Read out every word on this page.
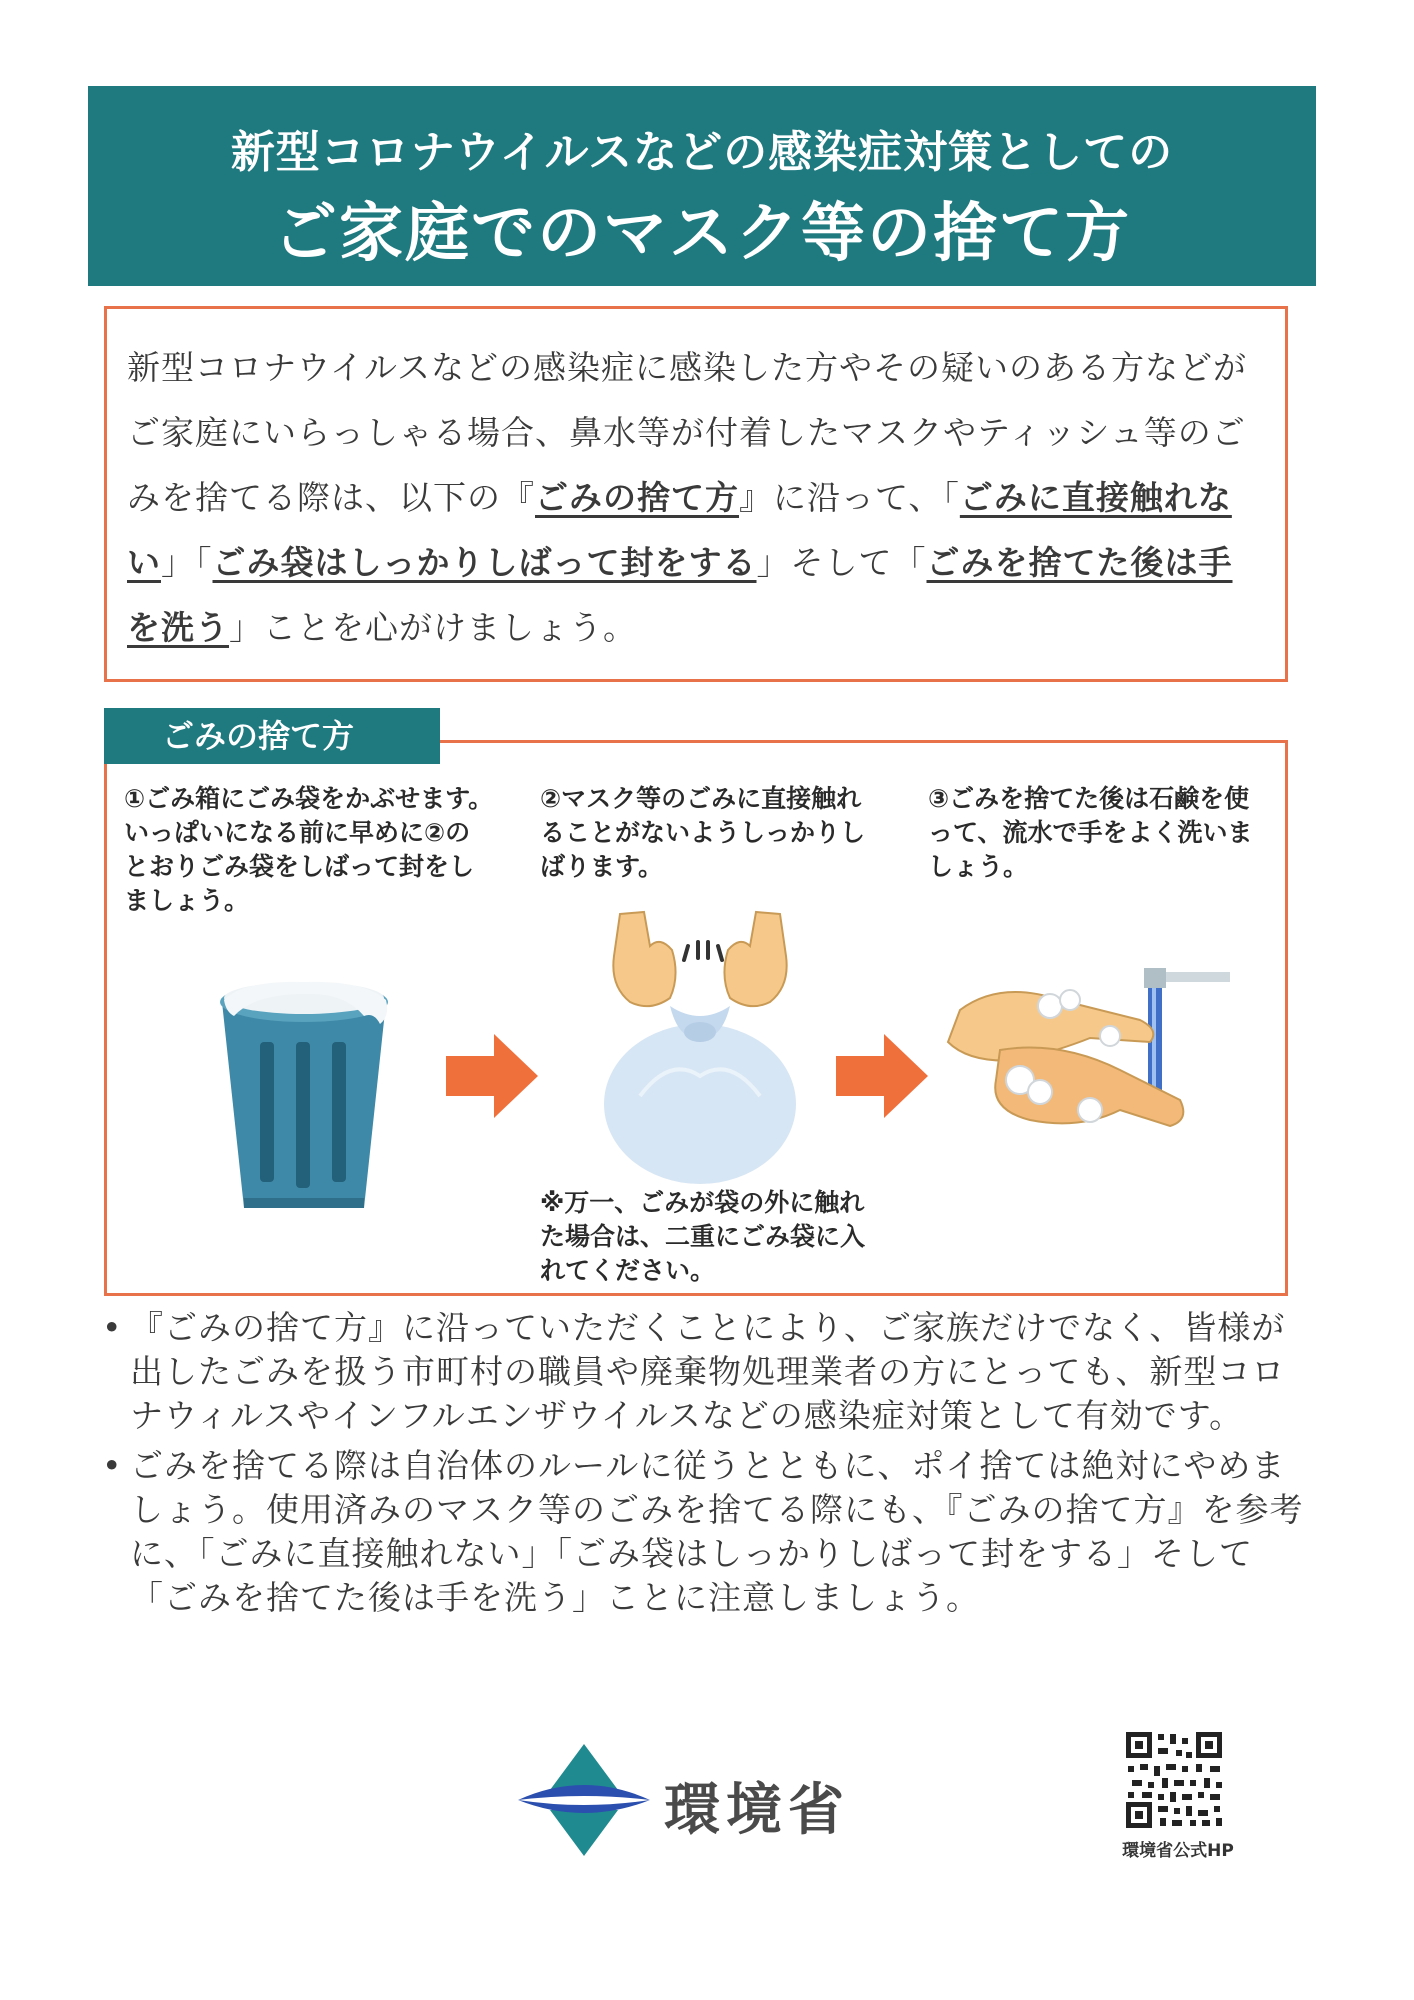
新型コロナウイルスなどの感染症対策としての
ご家庭でのマスク等の捨て方

新型コロナウイルスなどの感染症に感染した方やその疑いのある方などがご家庭にいらっしゃる場合、鼻水等が付着したマスクやティッシュ等のごみを捨てる際は、以下の『ごみの捨て方』に沿って、「ごみに直接触れない」「ごみ袋はしっかりしばって封をする」そして「ごみを捨てた後は手を洗う」ことを心がけましょう。

ごみの捨て方
①ごみ箱にごみ袋をかぶせます。いっぱいになる前に早めに②のとおりごみ袋をしばって封をしましょう。
②マスク等のごみに直接触れることがないようしっかりしばります。
③ごみを捨てた後は石鹸を使って、流水で手をよく洗いましょう。
※万一、ごみが袋の外に触れた場合は、二重にごみ袋に入れてください。
• 『ごみの捨て方』に沿っていただくことにより、ご家族だけでなく、皆様が出したごみを扱う市町村の職員や廃棄物処理業者の方にとっても、新型コロナウィルスやインフルエンザウイルスなどの感染症対策として有効です。
• ごみを捨てる際は自治体のルールに従うとともに、ポイ捨ては絶対にやめましょう。使用済みのマスク等のごみを捨てる際にも、『ごみの捨て方』を参考に、「ごみに直接触れない」「ごみ袋はしっかりしばって封をする」そして「ごみを捨てた後は手を洗う」ことに注意しましょう。
環境省
環境省公式HP
